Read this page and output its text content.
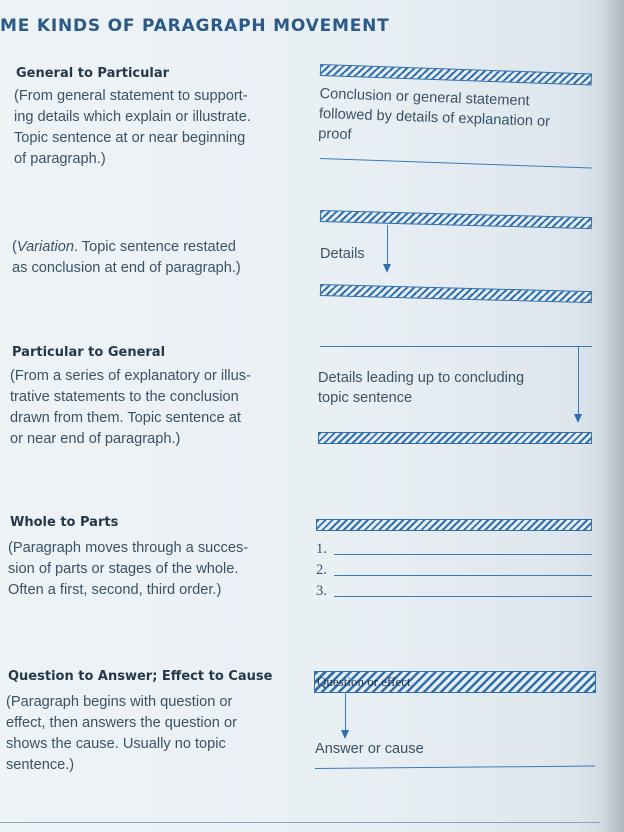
ME KINDS OF PARAGRAPH MOVEMENT
General to Particular
(From general statement to support-
ing details which explain or illustrate.
Topic sentence at or near beginning
of paragraph.)
Conclusion or general statement
followed by details of explanation or
proof
(Variation. Topic sentence restated
as conclusion at end of paragraph.)
Details
Particular to General
(From a series of explanatory or illus-
trative statements to the conclusion
drawn from them. Topic sentence at
or near end of paragraph.)
Details leading up to concluding
topic sentence
Whole to Parts
(Paragraph moves through a succes-
sion of parts or stages of the whole.
Often a first, second, third order.)
1.
2.
3.
Question to Answer; Effect to Cause
(Paragraph begins with question or
effect, then answers the question or
shows the cause. Usually no topic
sentence.)
Question or effect
Answer or cause
